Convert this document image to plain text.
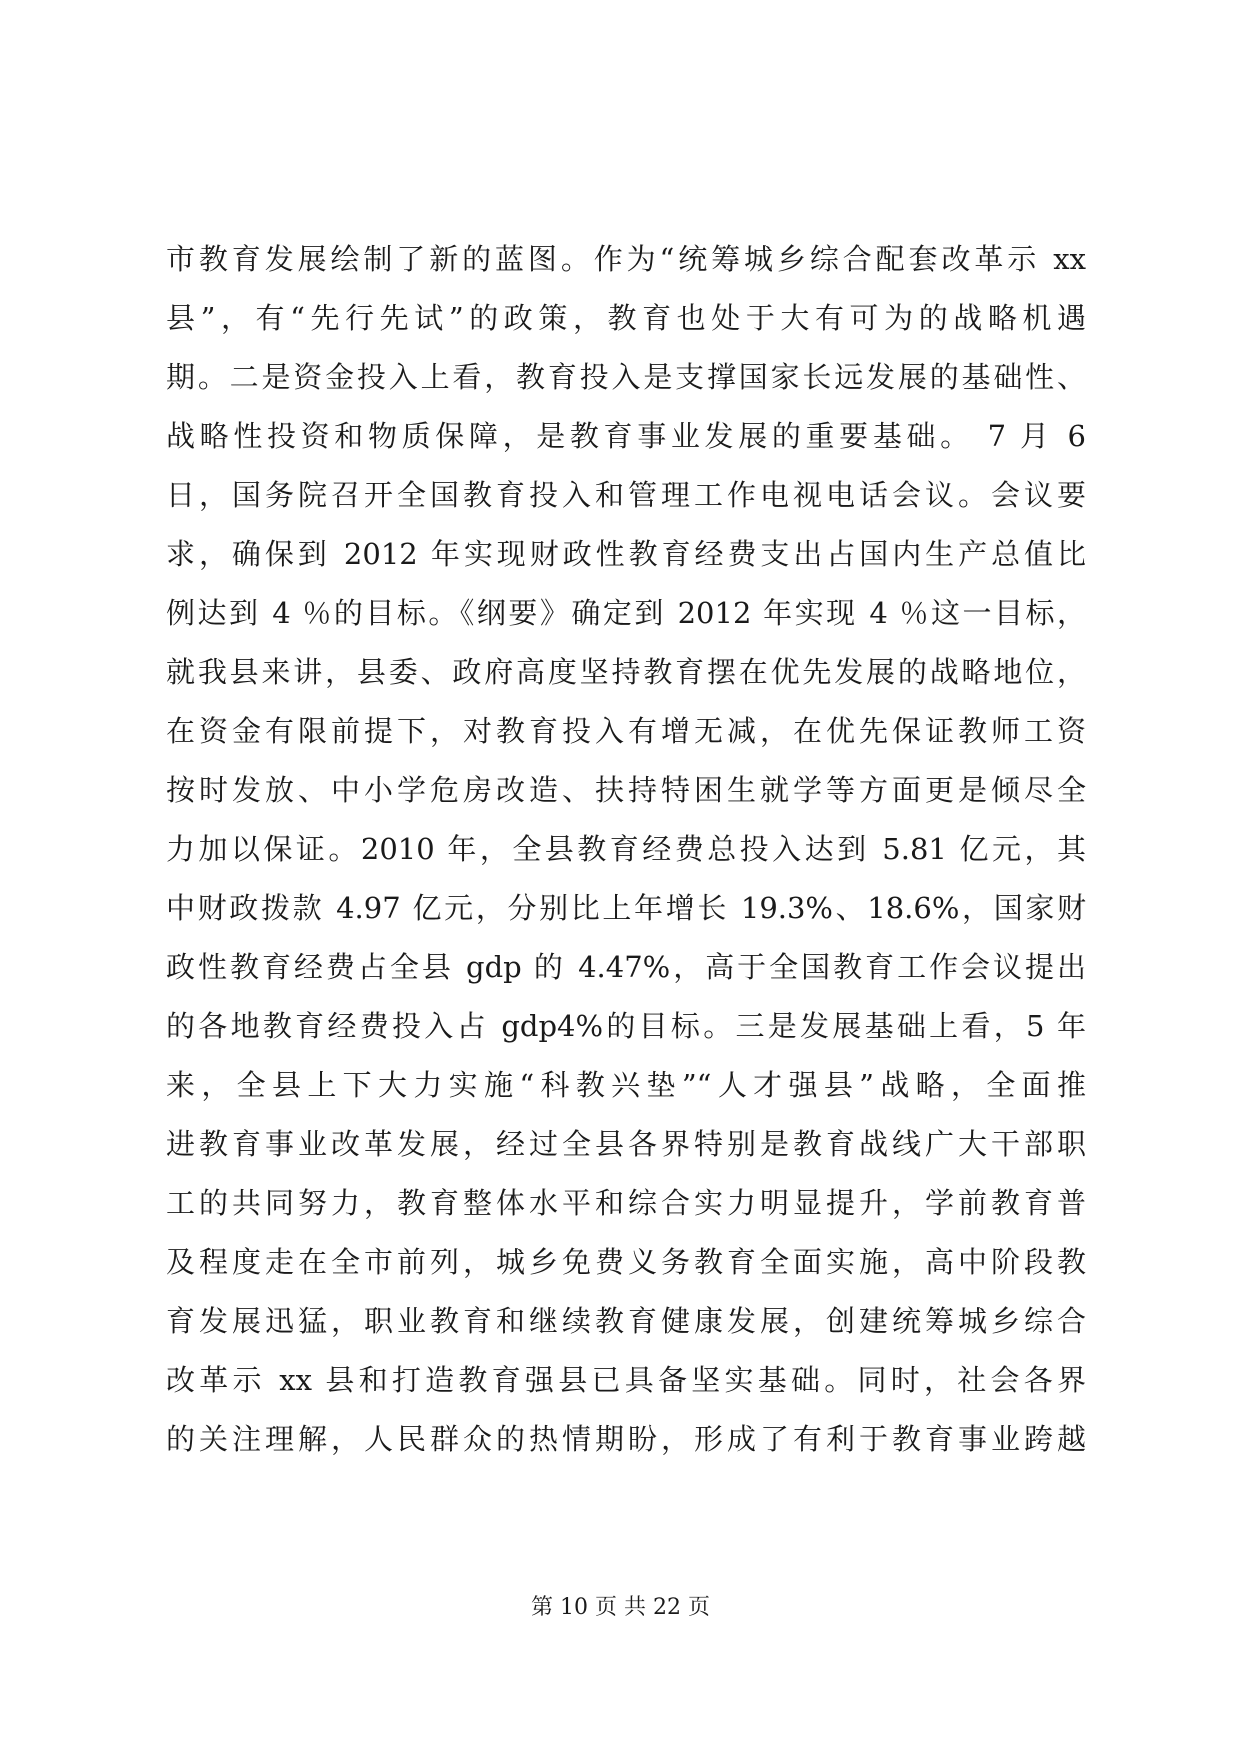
市教育发展绘制了新的蓝图。作为“统筹城乡综合配套改革示 xx
县”，有“先行先试”的政策，教育也处于大有可为的战略机遇
期。二是资金投入上看，教育投入是支撑国家长远发展的基础性、
战略性投资和物质保障，是教育事业发展的重要基础。 7 月 6
日，国务院召开全国教育投入和管理工作电视电话会议。会议要
求，确保到 2012 年实现财政性教育经费支出占国内生产总值比
例达到 4 ％的目标。《纲要》确定到 2012 年实现 4 ％这一目标，
就我县来讲，县委、政府高度坚持教育摆在优先发展的战略地位，
在资金有限前提下，对教育投入有增无减，在优先保证教师工资
按时发放、中小学危房改造、扶持特困生就学等方面更是倾尽全
力加以保证。2010 年，全县教育经费总投入达到 5.81 亿元，其
中财政拨款 4.97 亿元，分别比上年增长 19.3%、18.6%，国家财
政性教育经费占全县 gdp 的 4.47%，高于全国教育工作会议提出
的各地教育经费投入占 gdp4%的目标。三是发展基础上看，5 年
来，全县上下大力实施“科教兴垫”“人才强县”战略，全面推
进教育事业改革发展，经过全县各界特别是教育战线广大干部职
工的共同努力，教育整体水平和综合实力明显提升，学前教育普
及程度走在全市前列，城乡免费义务教育全面实施，高中阶段教
育发展迅猛，职业教育和继续教育健康发展，创建统筹城乡综合
改革示 xx 县和打造教育强县已具备坚实基础。同时，社会各界
的关注理解，人民群众的热情期盼，形成了有利于教育事业跨越
第 10 页 共 22 页
